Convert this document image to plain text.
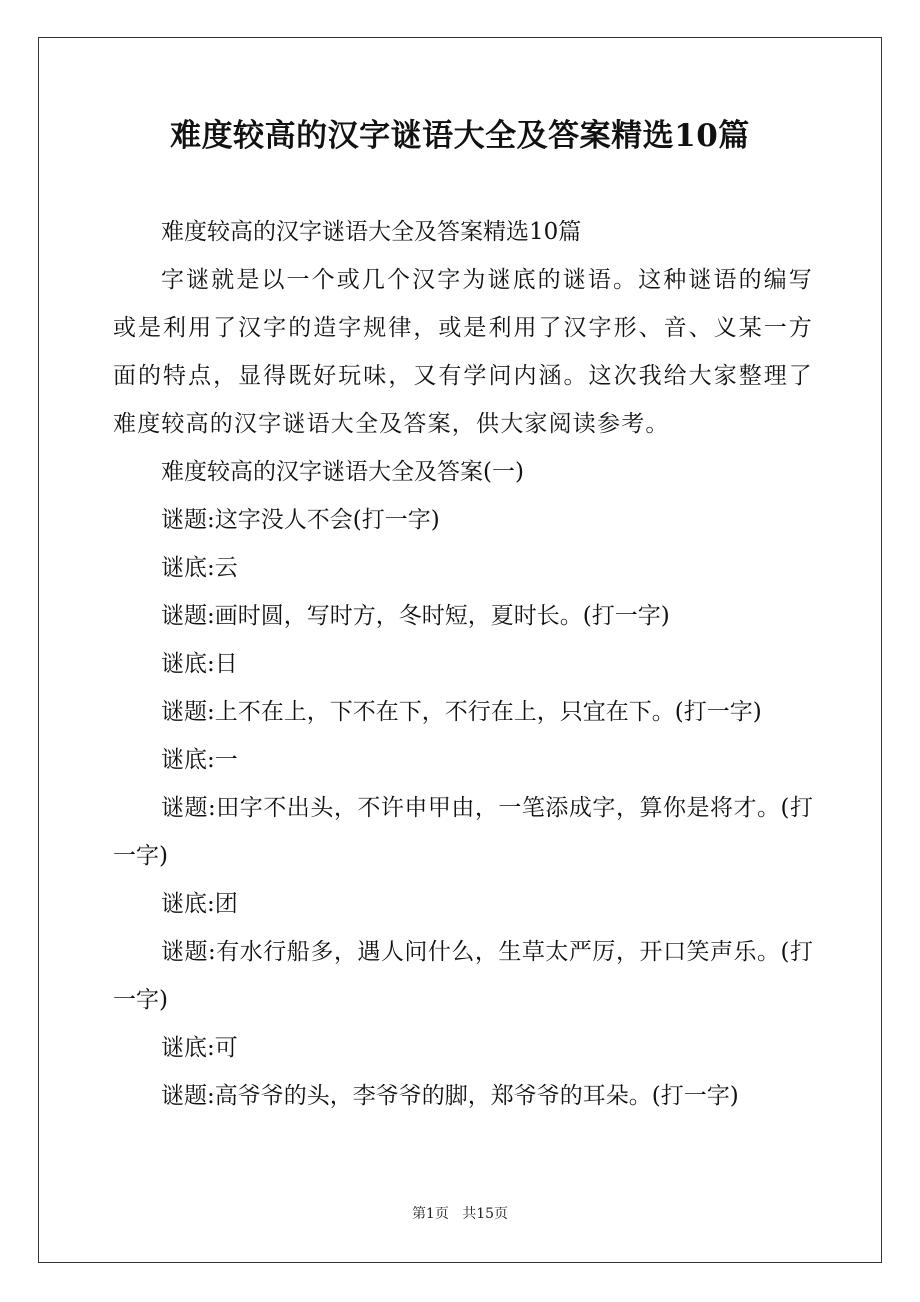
难度较高的汉字谜语大全及答案精选10篇

难度较高的汉字谜语大全及答案精选10篇

字谜就是以一个或几个汉字为谜底的谜语。这种谜语的编写或是利用了汉字的造字规律，或是利用了汉字形、音、义某一方面的特点，显得既好玩味，又有学问内涵。这次我给大家整理了难度较高的汉字谜语大全及答案，供大家阅读参考。

难度较高的汉字谜语大全及答案(一)

谜题:这字没人不会(打一字)

谜底:云

谜题:画时圆，写时方，冬时短，夏时长。(打一字)

谜底:日

谜题:上不在上，下不在下，不行在上，只宜在下。(打一字)

谜底:一

谜题:田字不出头，不许申甲由，一笔添成字，算你是将才。(打一字)

谜底:团

谜题:有水行船多，遇人问什么，生草太严厉，开口笑声乐。(打一字)

谜底:可

谜题:高爷爷的头，李爷爷的脚，郑爷爷的耳朵。(打一字)

第1页 共15页
